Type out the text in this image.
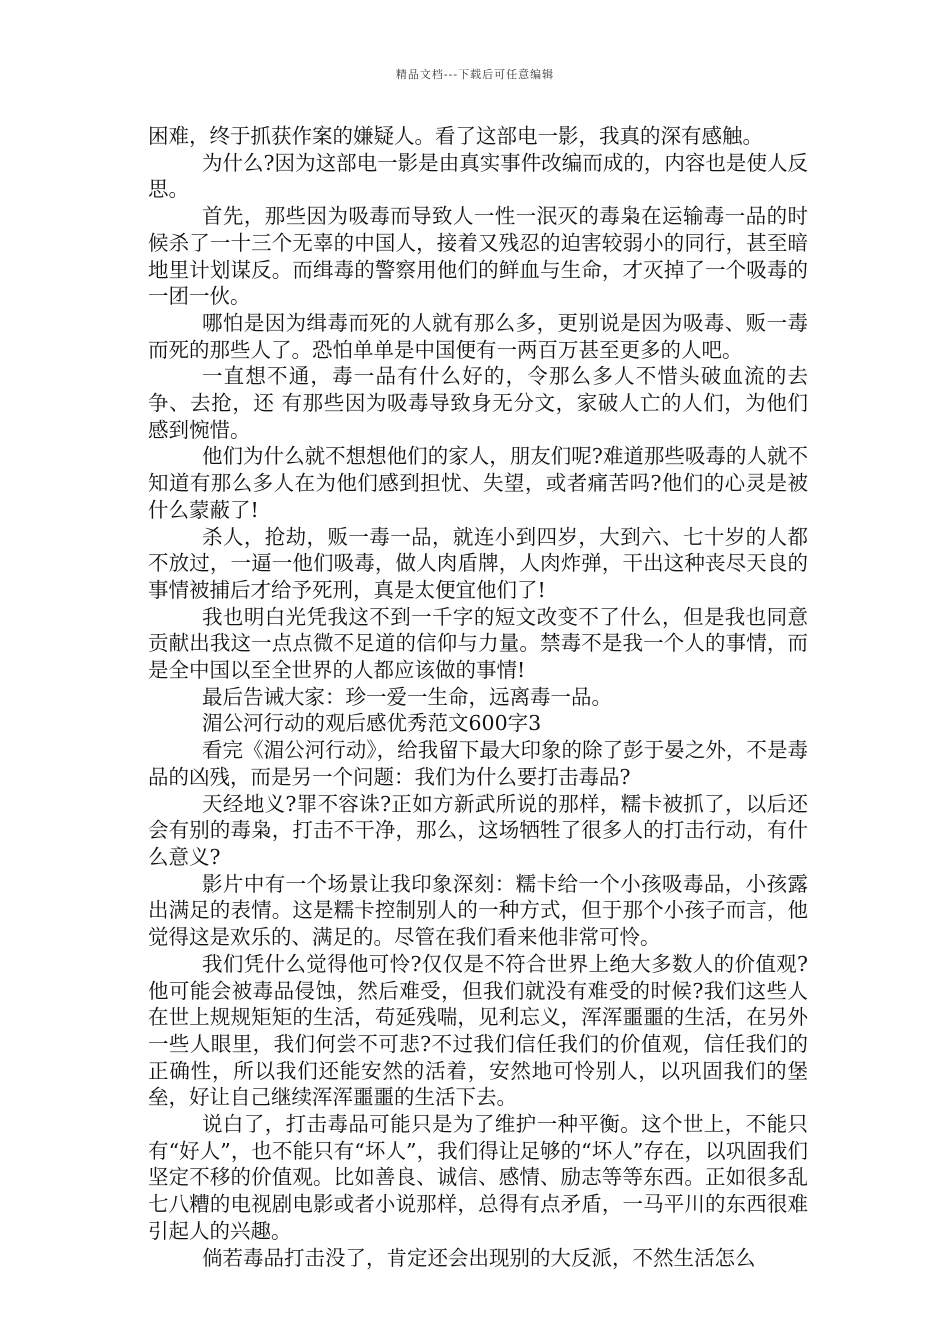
精品文档---下载后可任意编辑

困难，终于抓获作案的嫌疑人。看了这部电一影，我真的深有感触。

为什么?因为这部电一影是由真实事件改编而成的，内容也是使人反思。

首先，那些因为吸毒而导致人一性一泯灭的毒枭在运输毒一品的时候杀了一十三个无辜的中国人，接着又残忍的迫害较弱小的同行，甚至暗地里计划谋反。而缉毒的警察用他们的鲜血与生命，才灭掉了一个吸毒的一团一伙。

哪怕是因为缉毒而死的人就有那么多，更别说是因为吸毒、贩一毒而死的那些人了。恐怕单单是中国便有一两百万甚至更多的人吧。

一直想不通，毒一品有什么好的，令那么多人不惜头破血流的去争、去抢，还 有那些因为吸毒导致身无分文，家破人亡的人们，为他们感到惋惜。

他们为什么就不想想他们的家人，朋友们呢?难道那些吸毒的人就不知道有那么多人在为他们感到担忧、失望，或者痛苦吗?他们的心灵是被什么蒙蔽了!

杀人，抢劫，贩一毒一品，就连小到四岁，大到六、七十岁的人都不放过，一逼一他们吸毒，做人肉盾牌，人肉炸弹，干出这种丧尽天良的事情被捕后才给予死刑，真是太便宜他们了!

我也明白光凭我这不到一千字的短文改变不了什么，但是我也同意贡献出我这一点点微不足道的信仰与力量。禁毒不是我一个人的事情，而是全中国以至全世界的人都应该做的事情!

最后告诫大家：珍一爱一生命，远离毒一品。

湄公河行动的观后感优秀范文600字3

看完《湄公河行动》，给我留下最大印象的除了彭于晏之外，不是毒品的凶残，而是另一个问题：我们为什么要打击毒品?

天经地义?罪不容诛?正如方新武所说的那样，糯卡被抓了，以后还会有别的毒枭，打击不干净，那么，这场牺牲了很多人的打击行动，有什么意义?

影片中有一个场景让我印象深刻：糯卡给一个小孩吸毒品，小孩露出满足的表情。这是糯卡控制别人的一种方式，但于那个小孩子而言，他觉得这是欢乐的、满足的。尽管在我们看来他非常可怜。

我们凭什么觉得他可怜?仅仅是不符合世界上绝大多数人的价值观?他可能会被毒品侵蚀，然后难受，但我们就没有难受的时候?我们这些人在世上规规矩矩的生活，苟延残喘，见利忘义，浑浑噩噩的生活，在另外一些人眼里，我们何尝不可悲?不过我们信任我们的价值观，信任我们的正确性，所以我们还能安然的活着，安然地可怜别人，以巩固我们的堡垒，好让自己继续浑浑噩噩的生活下去。

说白了，打击毒品可能只是为了维护一种平衡。这个世上，不能只有“好人”，也不能只有“坏人”，我们得让足够的“坏人”存在，以巩固我们坚定不移的价值观。比如善良、诚信、感情、励志等等东西。正如很多乱七八糟的电视剧电影或者小说那样，总得有点矛盾，一马平川的东西很难引起人的兴趣。

倘若毒品打击没了，肯定还会出现别的大反派，不然生活怎么
